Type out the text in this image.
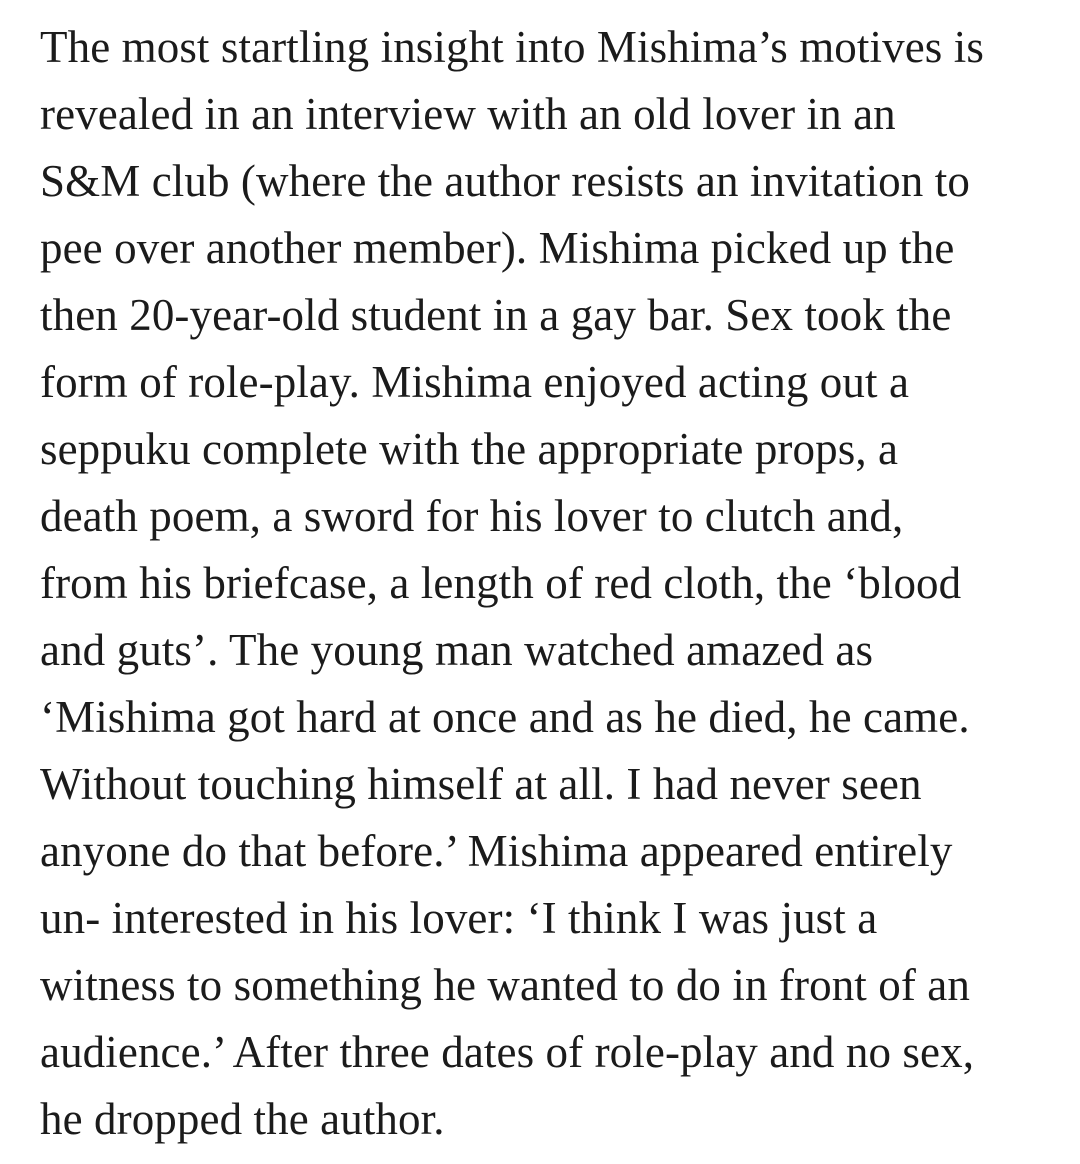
The most startling insight into Mishima’s motives is
revealed in an interview with an old lover in an
S&M club (where the author resists an invitation to
pee over another member). Mishima picked up the
then 20-year-old student in a gay bar. Sex took the
form of role-play. Mishima enjoyed acting out a
seppuku complete with the appropriate props, a
death poem, a sword for his lover to clutch and,
from his briefcase, a length of red cloth, the ‘blood
and guts’. The young man watched amazed as
‘Mishima got hard at once and as he died, he came.
Without touching himself at all. I had never seen
anyone do that before.’ Mishima appeared entirely
un- interested in his lover: ‘I think I was just a
witness to something he wanted to do in front of an
audience.’ After three dates of role-play and no sex,
he dropped the author.
